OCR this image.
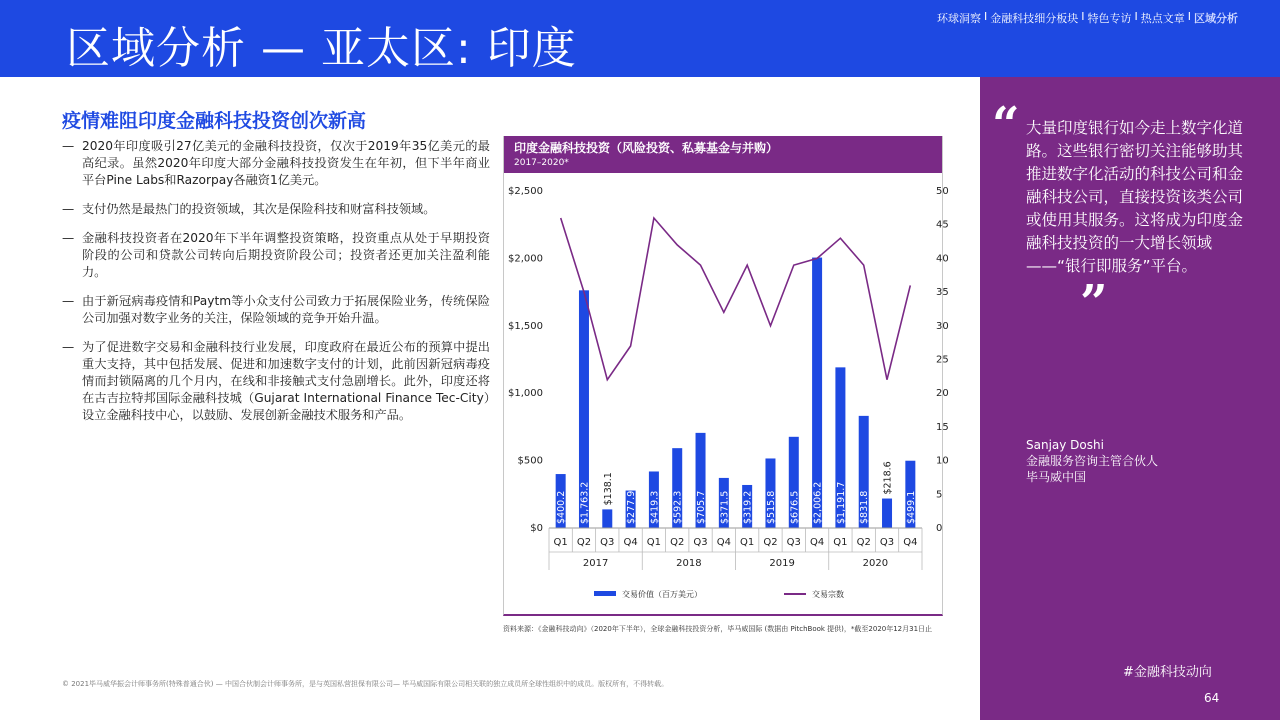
区域分析 — 亚太区: 印度
环球洞察 I 金融科技细分板块 I 特色专访 I 热点文章 I 区域分析
疫情难阻印度金融科技投资创次新高
— 2020年印度吸引27亿美元的金融科技投资，仅次于2019年35亿美元的最高纪录。虽然2020年印度大部分金融科技投资发生在年初，但下半年商业平台Pine Labs和Razorpay各融资1亿美元。
— 支付仍然是最热门的投资领域，其次是保险科技和财富科技领域。
— 金融科技投资者在2020年下半年调整投资策略，投资重点从处于早期投资阶段的公司和贷款公司转向后期投资阶段公司；投资者还更加关注盈利能力。
— 由于新冠病毒疫情和Paytm等小众支付公司致力于拓展保险业务，传统保险公司加强对数字业务的关注，保险领域的竞争开始升温。
— 为了促进数字交易和金融科技行业发展，印度政府在最近公布的预算中提出重大支持，其中包括发展、促进和加速数字支付的计划，此前因新冠病毒疫情而封锁隔离的几个月内，在线和非接触式支付急剧增长。此外，印度还将在古吉拉特邦国际金融科技城（Gujarat International Finance Tec-City）设立金融科技中心，以鼓励、发展创新金融技术服务和产品。
印度金融科技投资（风险投资、私募基金与并购）
2017–2020*
$0
$500
$1,000
$1,500
$2,000
$2,500
0
5
10
15
20
25
30
35
40
45
50
$400.2 $1,763.2 $138.1
$277.9 $419.3 $592.3 $705.7 $371.5 $319.2 $515.8 $676.5 $2,006.2 $1,191.7 $831.8
$218.6
$499.1
Q1 Q2 Q3 Q4 Q1 Q2 Q3 Q4 Q1 Q2 Q3 Q4 Q1 Q2 Q3 Q4
2017	2018	2019	2020
交易价值（百万美元）	交易宗数
资料来源：《金融科技动向》（2020年下半年），全球金融科技投资分析，毕马威国际 (数据由 PitchBook 提供)，*截至2020年12月31日止
“ 大量印度银行如今走上数字化道路。这些银行密切关注能够助其推进数字化活动的科技公司和金融科技公司，直接投资该类公司或使用其服务。这将成为印度金融科技投资的一大增长领域——“银行即服务”平台。
”
Sanjay Doshi
金融服务咨询主管合伙人
毕马威中国
#金融科技动向
64
© 2021毕马威华振会计师事务所(特殊普通合伙) — 中国合伙制会计师事务所，是与英国私营担保有限公司— 毕马威国际有限公司相关联的独立成员所全球性组织中的成员。版权所有，不得转载。
